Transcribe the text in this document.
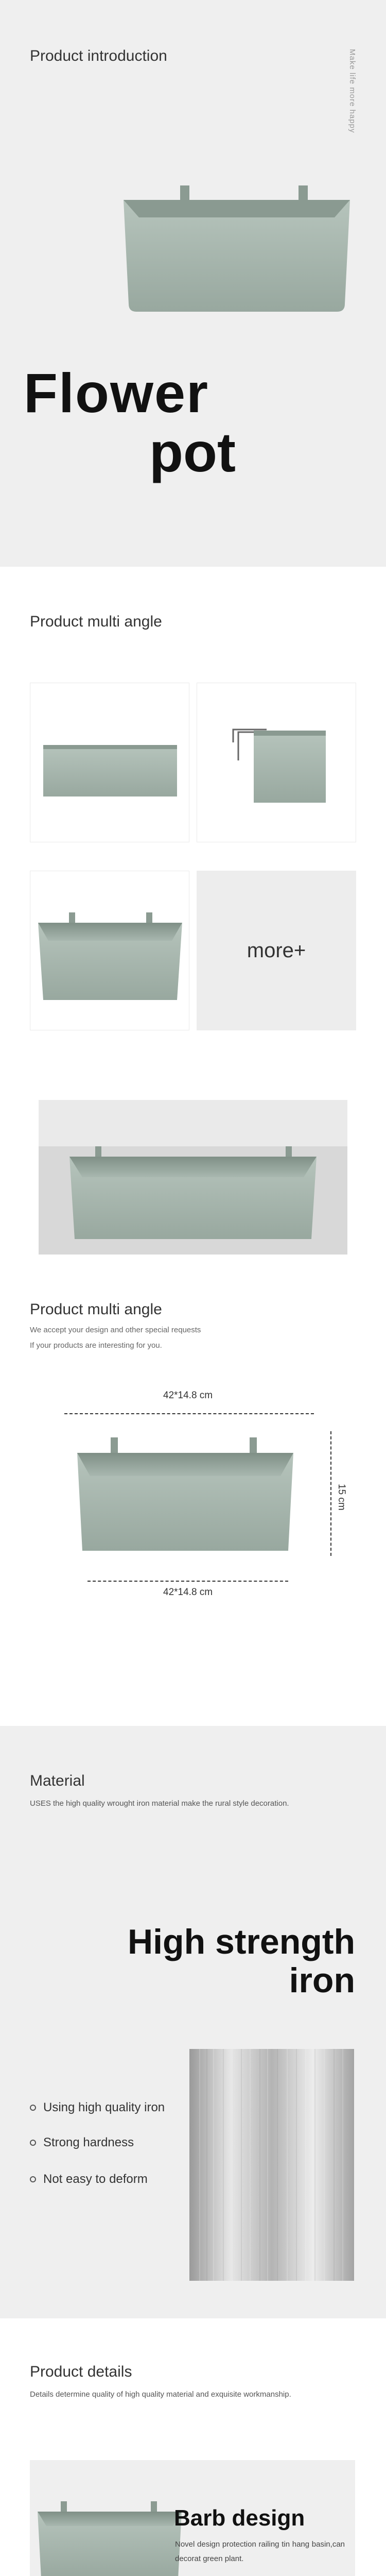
Product introduction	Make life more happy
Flower
pot
Product multi angle
more+
Product multi angle
We accept your design and other special requests
If your products are interesting for you.
42*14.8 cm
15 cm
42*14.8 cm
Material
USES the high quality wrought iron material make the rural style decoration.
High strength
iron
Using high quality iron
Strong hardness
Not easy to deform
Product details
Details determine quality of high quality material and exquisite workmanship.
Barb design

Novel design protection railing tin hang basin,can decorat green plant.
